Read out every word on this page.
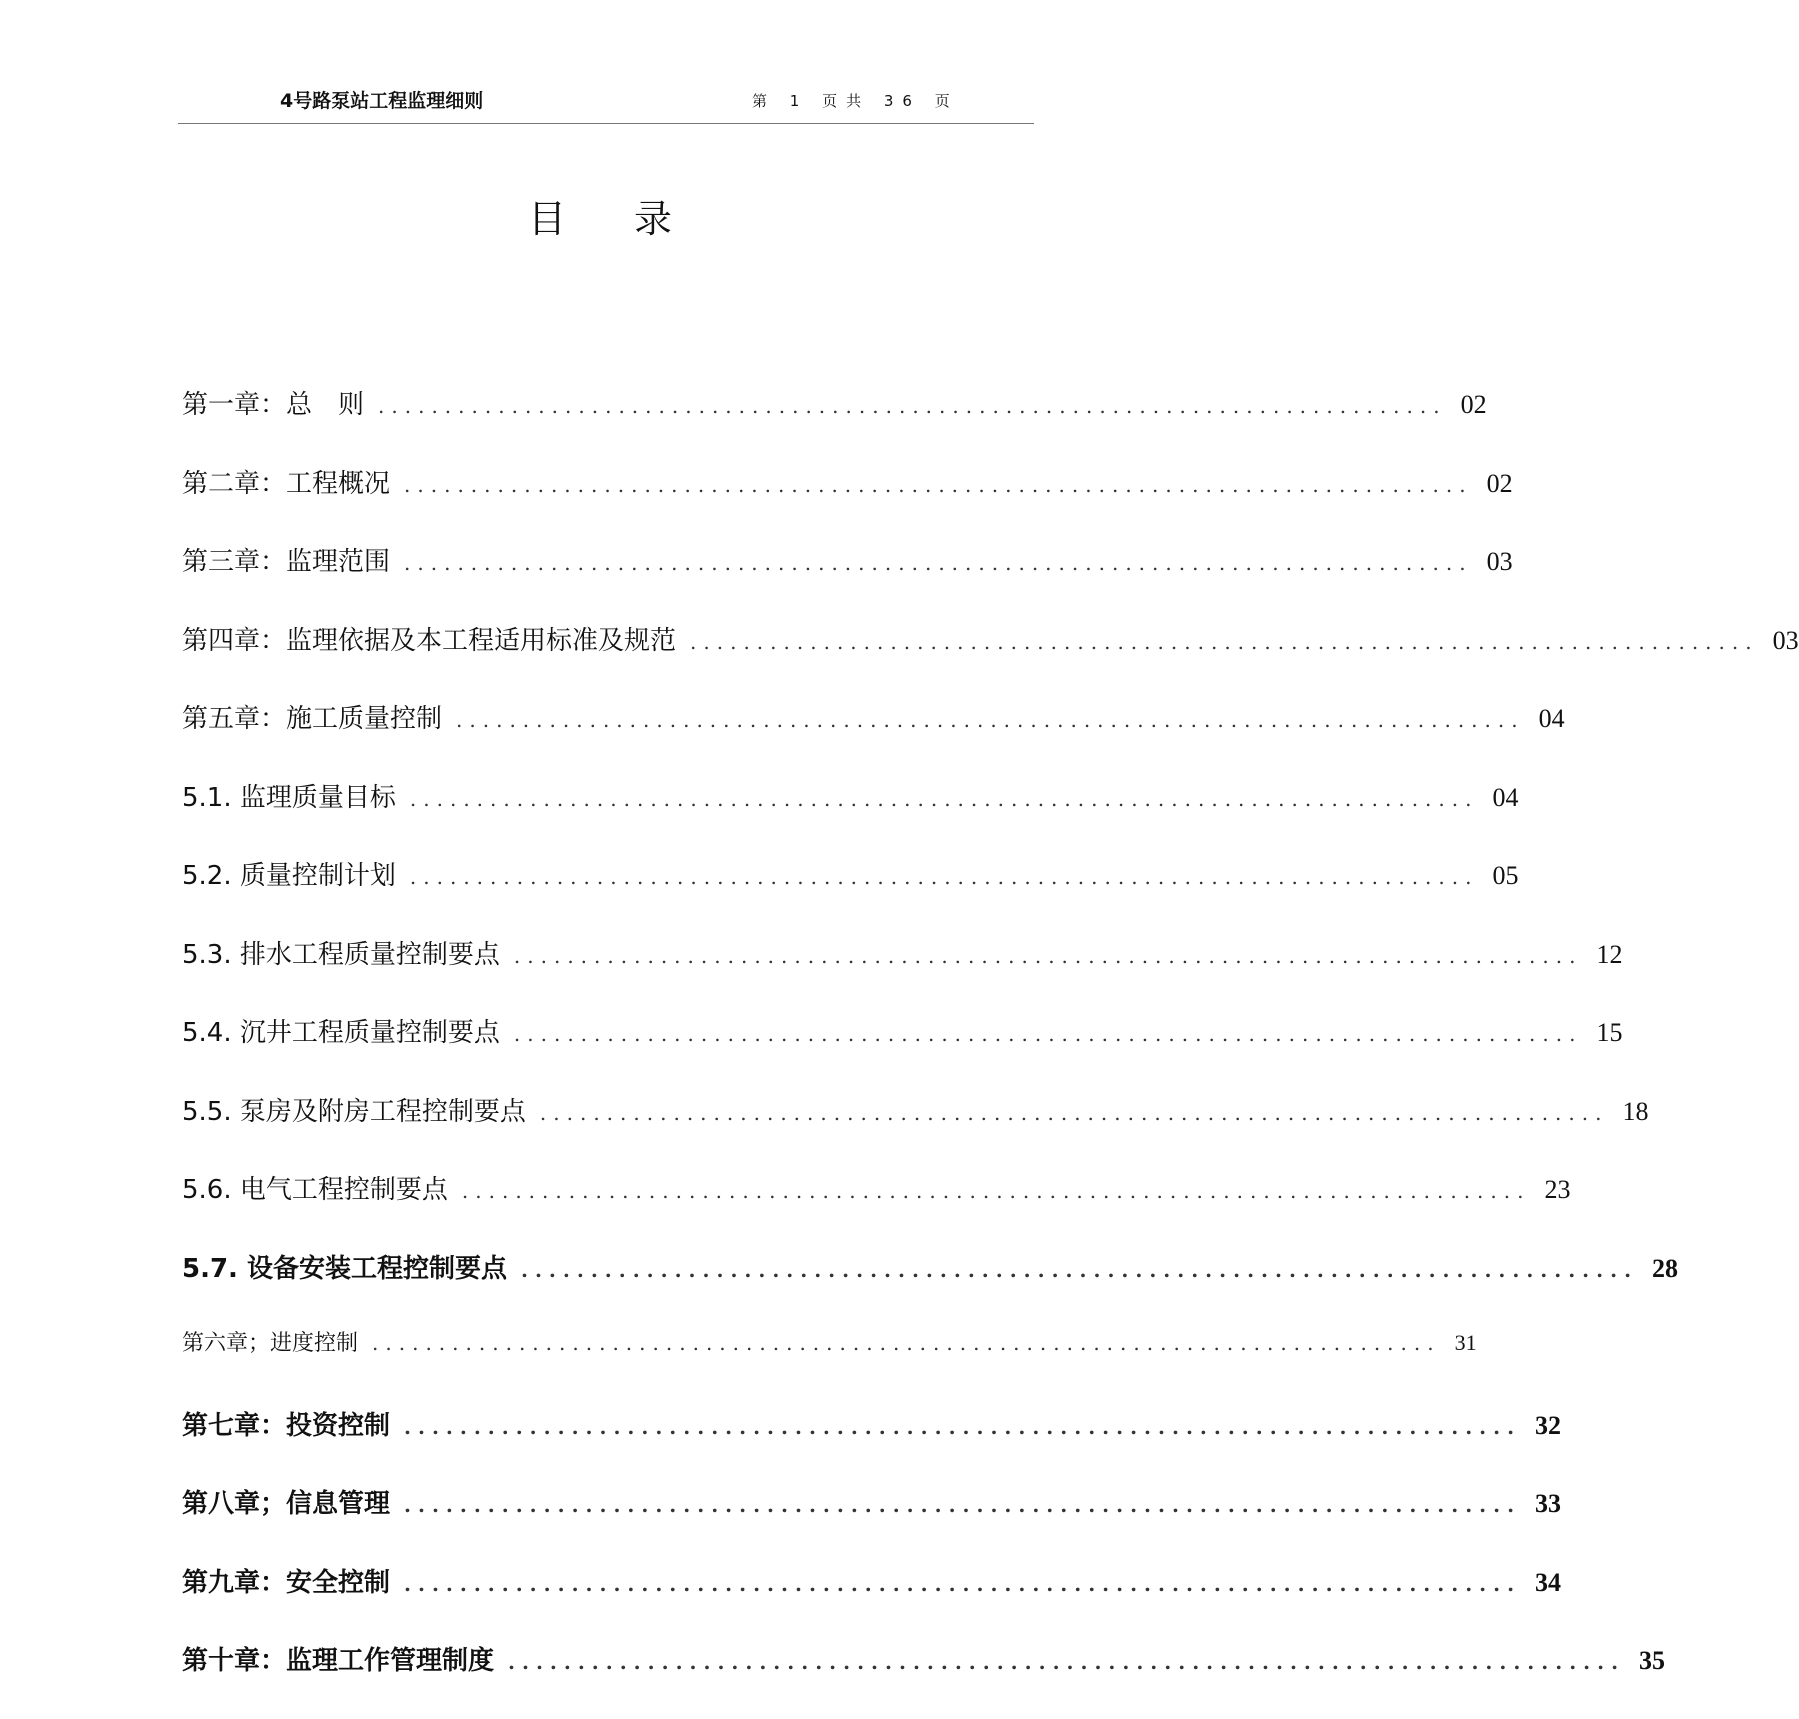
4号路泵站工程监理细则	第 1 页共 36 页
目 录
第一章：总　则 ................................................................................ 02
第二章：工程概况 ................................................................................ 02
第三章：监理范围 ................................................................................ 03
第四章：监理依据及本工程适用标准及规范 ................................................................................ 03
第五章：施工质量控制 ................................................................................ 04
5.1. 监理质量目标 ................................................................................ 04
5.2. 质量控制计划 ................................................................................ 05
5.3. 排水工程质量控制要点 ................................................................................ 12
5.4. 沉井工程质量控制要点 ................................................................................ 15
5.5. 泵房及附房工程控制要点 ................................................................................ 18
5.6. 电气工程控制要点 ................................................................................ 23
5.7. 设备安装工程控制要点 ................................................................................ 28
第六章；进度控制 ................................................................................ 31
第七章：投资控制 ................................................................................ 32
第八章；信息管理 ................................................................................ 33
第九章：安全控制 ................................................................................ 34
第十章：监理工作管理制度 ................................................................................ 35
